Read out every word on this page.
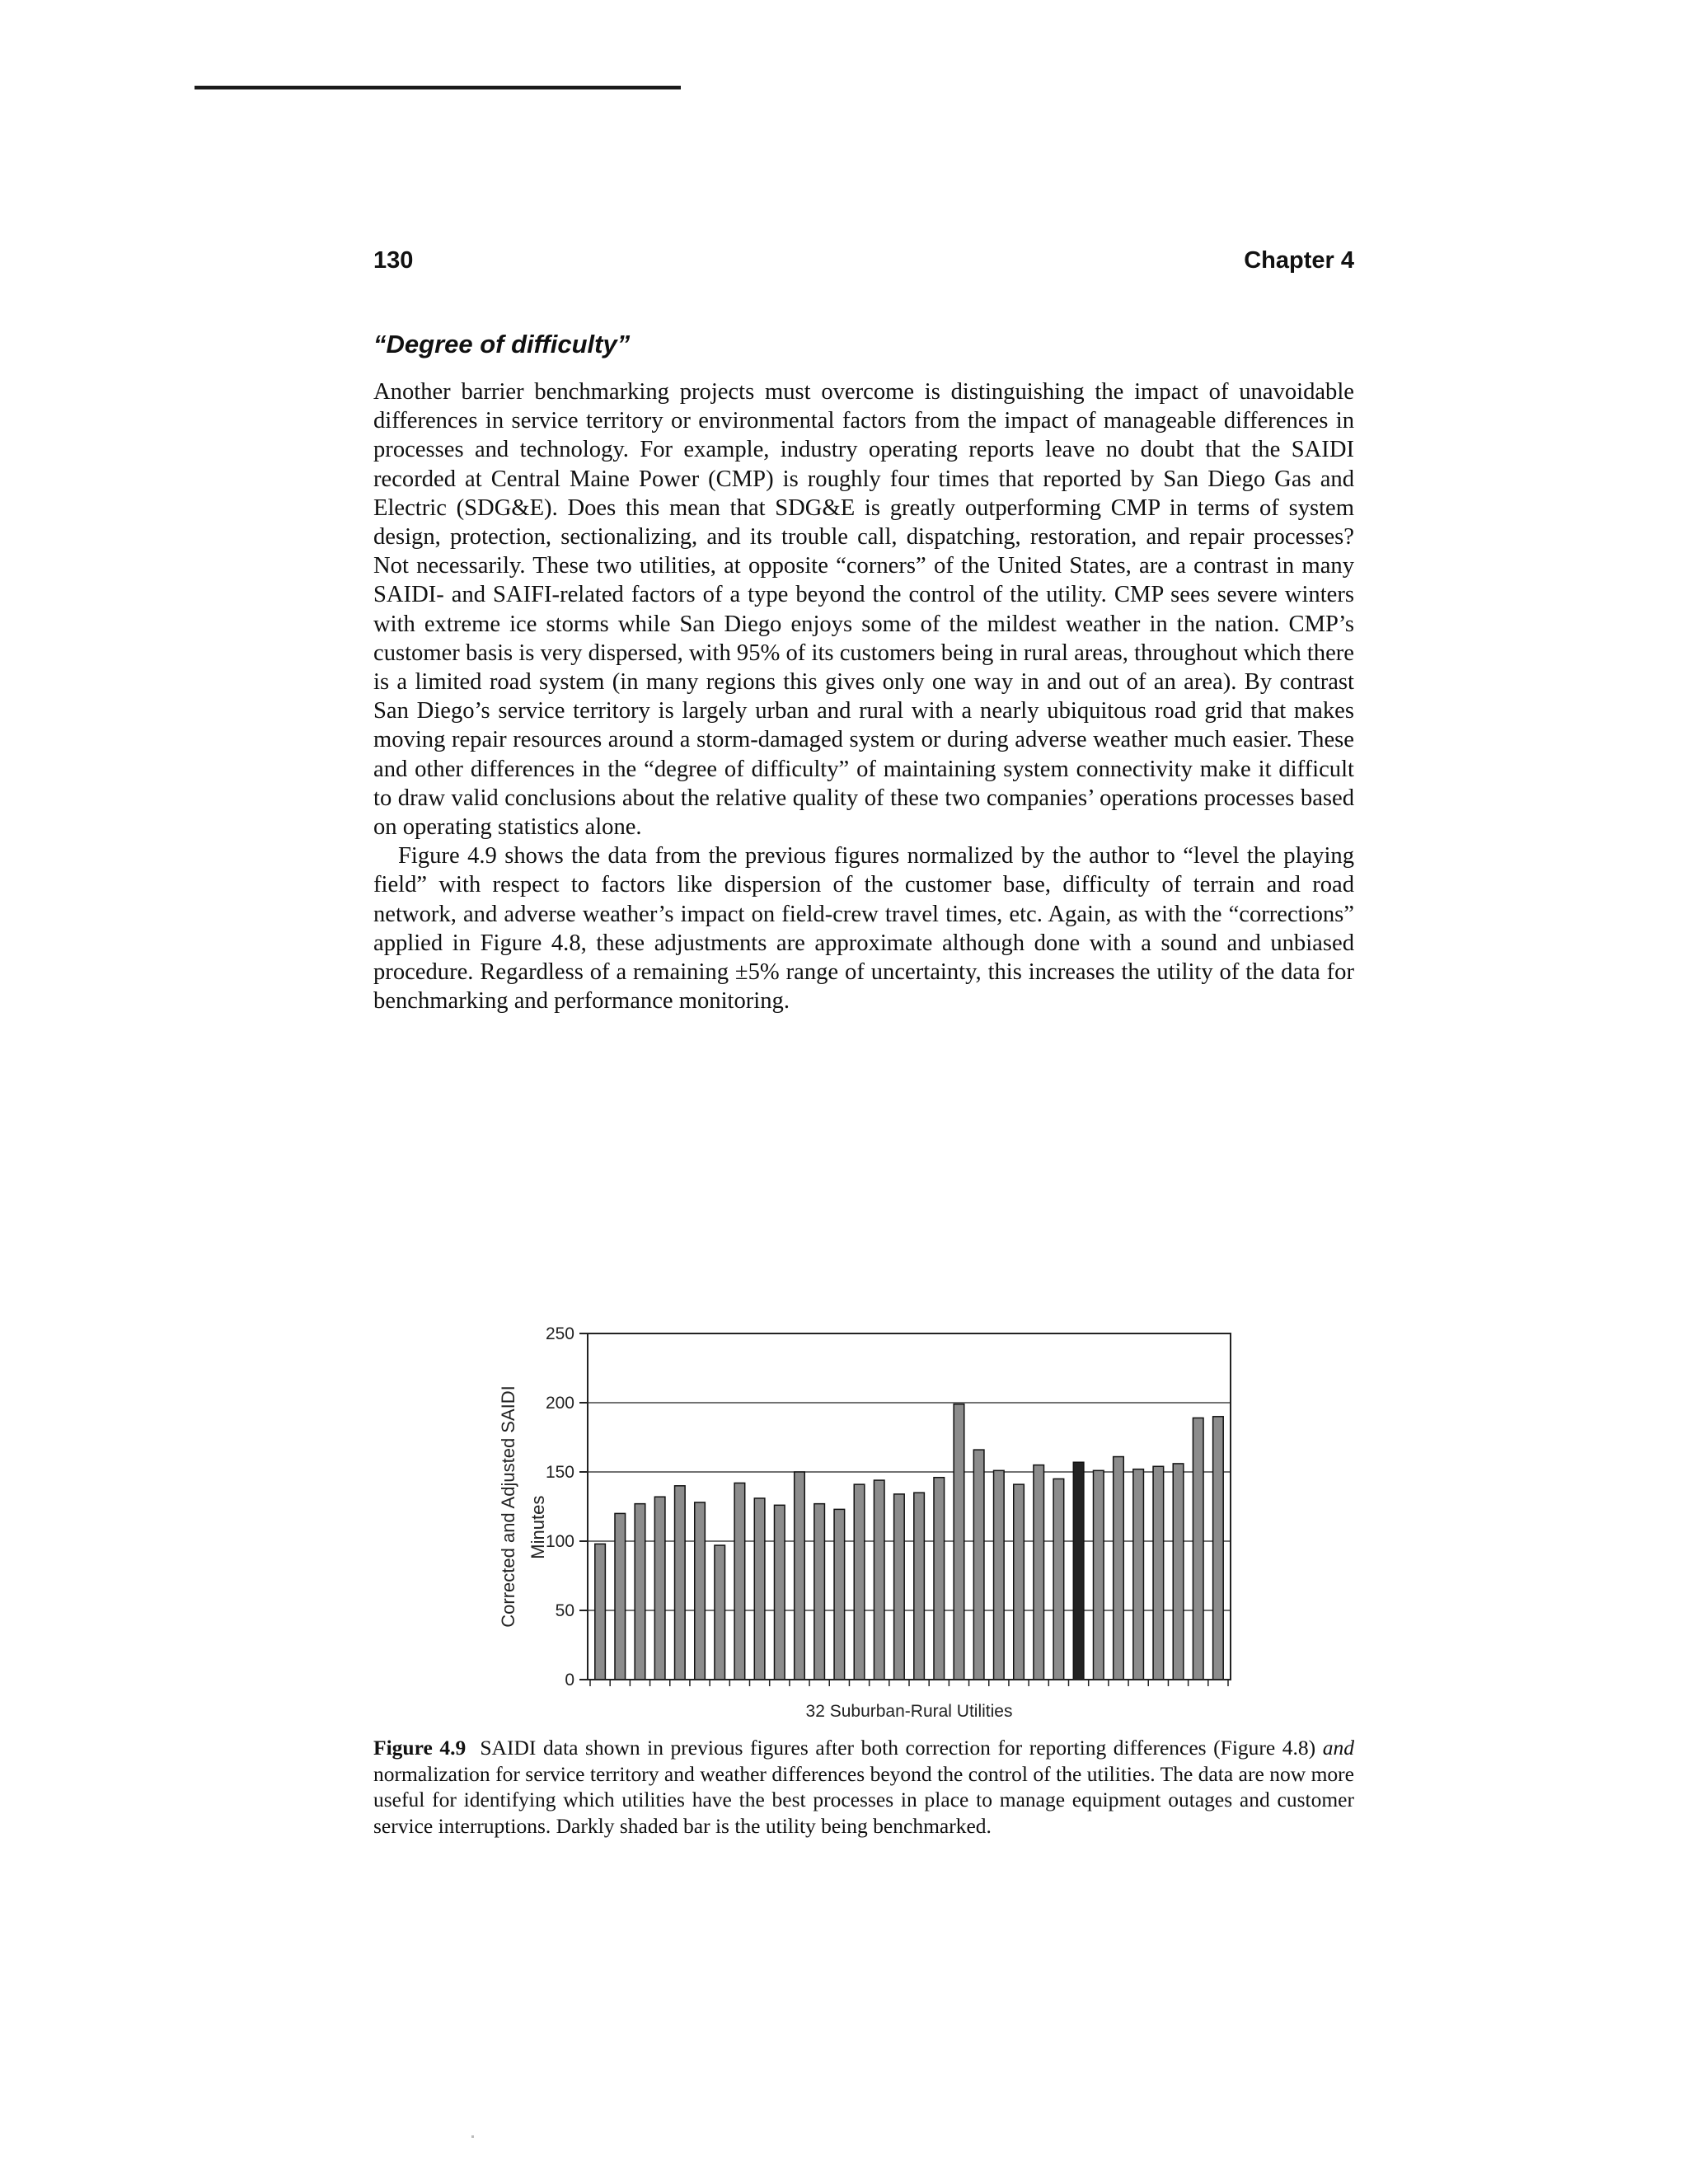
130	Chapter 4
“Degree of difficulty”

Another barrier benchmarking projects must overcome is distinguishing the impact of unavoidable differences in service territory or environmental factors from the impact of manageable differences in processes and technology. For example, industry operating reports leave no doubt that the SAIDI recorded at Central Maine Power (CMP) is roughly four times that reported by San Diego Gas and Electric (SDG&E). Does this mean that SDG&E is greatly outperforming CMP in terms of system design, protection, sectionalizing, and its trouble call, dispatching, restoration, and repair processes? Not necessarily. These two utilities, at opposite “corners” of the United States, are a contrast in many SAIDI- and SAIFI-related factors of a type beyond the control of the utility. CMP sees severe winters with extreme ice storms while San Diego enjoys some of the mildest weather in the nation. CMP’s customer basis is very dispersed, with 95% of its customers being in rural areas, throughout which there is a limited road system (in many regions this gives only one way in and out of an area). By contrast San Diego’s service territory is largely urban and rural with a nearly ubiquitous road grid that makes moving repair resources around a storm-damaged system or during adverse weather much easier. These and other differences in the “degree of difficulty” of maintaining system connectivity make it difficult to draw valid conclusions about the relative quality of these two companies’ operations processes based on operating statistics alone.

Figure 4.9 shows the data from the previous figures normalized by the author to “level the playing field” with respect to factors like dispersion of the customer base, difficulty of terrain and road network, and adverse weather’s impact on field-crew travel times, etc. Again, as with the “corrections” applied in Figure 4.8, these adjustments are approximate although done with a sound and unbiased procedure. Regardless of a remaining ±5% range of uncertainty, this increases the utility of the data for benchmarking and performance monitoring.

0
50
100
150
200
250
Corrected and Adjusted SAIDI Minutes
32 Suburban-Rural Utilities
Figure 4.9 SAIDI data shown in previous figures after both correction for reporting differences (Figure 4.8) and normalization for service territory and weather differences beyond the control of the utilities. The data are now more useful for identifying which utilities have the best processes in place to manage equipment outages and customer service interruptions. Darkly shaded bar is the utility being benchmarked.
